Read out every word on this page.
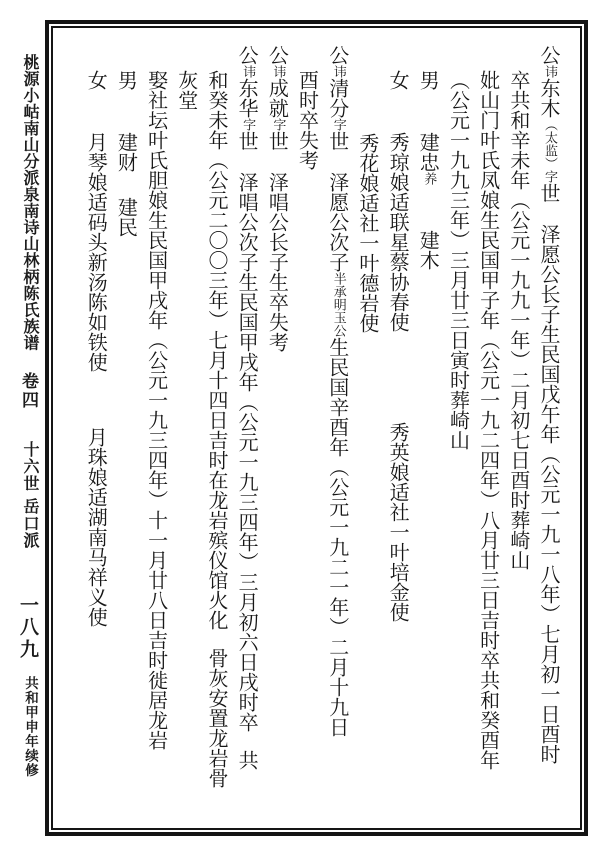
桃源小岵南山分派泉南诗山林柄陈氏族谱
卷四
十六世
岳口派
一八九
共和甲申年续修
公讳东木（太监）字世泽愿公长子生民国戊午年（公元一九一八年）七月初一日酉时
卒共和辛未年（公元一九九一年）二月初七日酉时葬崎山
妣山门叶氏凤娘生民国甲子年（公元一九二四年）八月廿三日吉时卒共和癸酉年
（公元一九九三年）三月廿三日寅时葬崎山
男建忠养建木
女秀琼娘适联星蔡协春使秀英娘适社一叶培金使
秀花娘适社一叶德岩使
公讳清分字世泽愿公次子半承明玉公生民国辛酉年（公元一九二一年）二月十九日
酉时卒失考
公讳成就字世泽唱公长子生卒失考
公讳东华字世泽唱公次子生民国甲戌年（公元一九三四年）三月初六日戌时卒共
和癸未年（公元二〇〇三年）七月十四日吉时在龙岩殡仪馆火化骨灰安置龙岩骨
灰堂
娶社坛叶氏胆娘生民国甲戌年（公元一九三四年）十一月廿八日吉时徙居龙岩
男建财建民
女月琴娘适码头新汤陈如铁使月珠娘适湖南马祥义使
